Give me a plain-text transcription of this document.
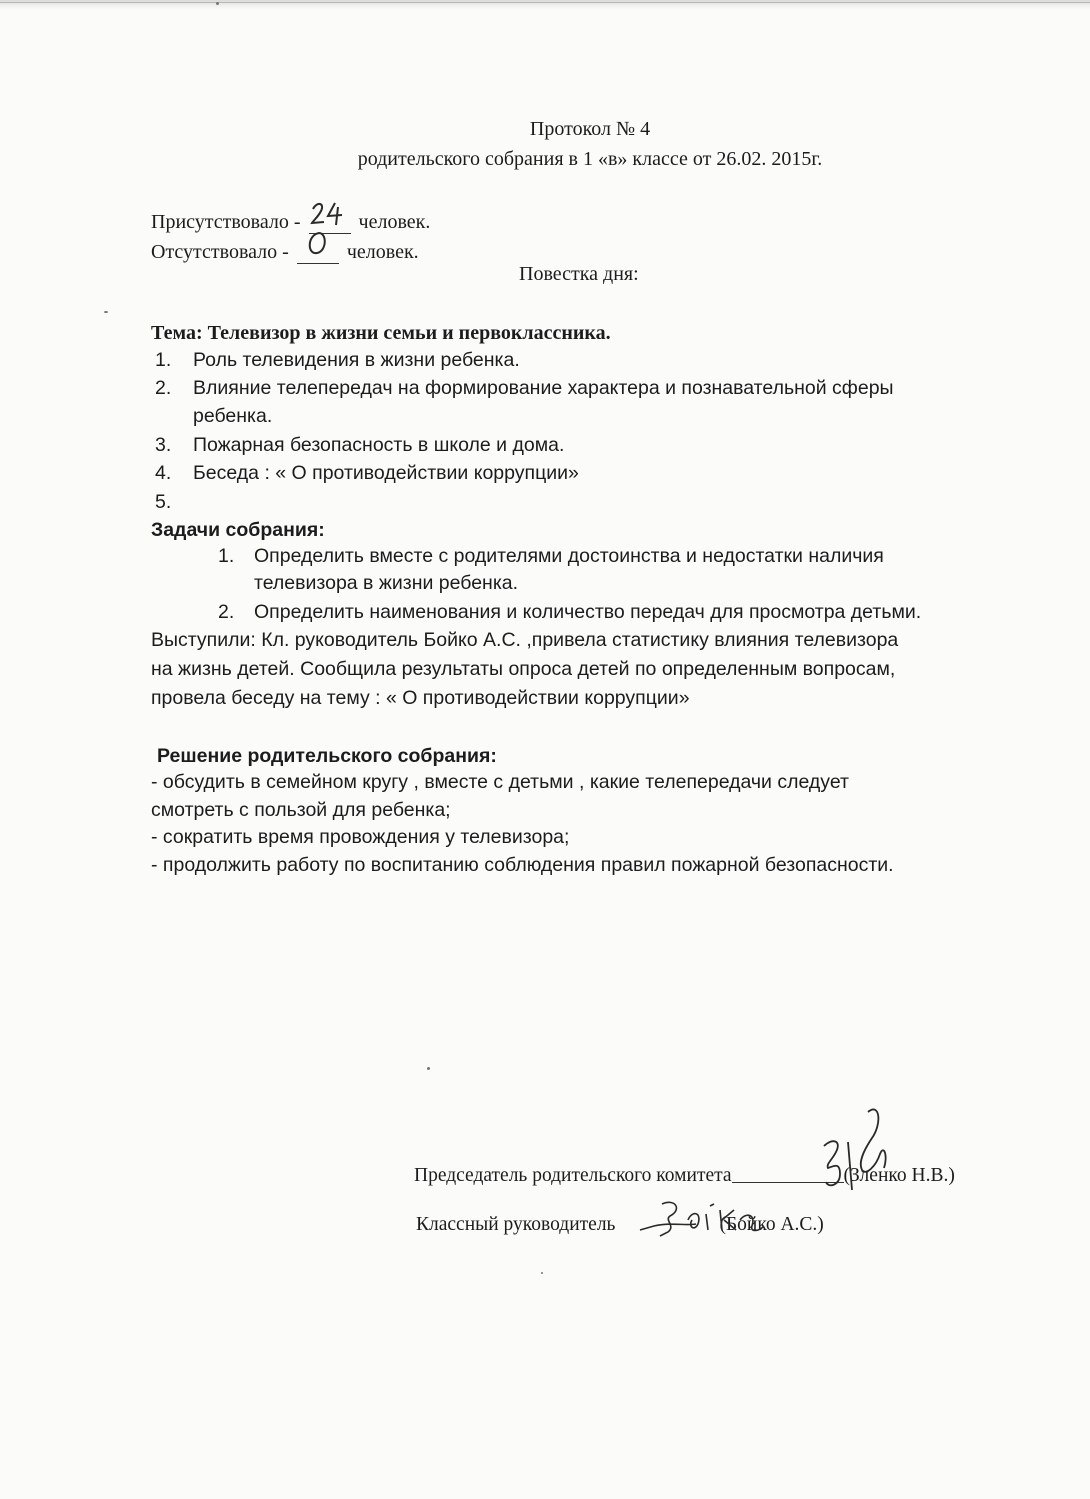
Протокол № 4
родительского собрания в 1 «в» классе от 26.02. 2015г.
Присутствовало -	человек.
Отсутствовало -	человек.
Повестка дня:
Тема: Телевизор в жизни семьи и первоклассника.
1. Роль телевидения в жизни ребенка.
2. Влияние телепередач на формирование характера и познавательной сферы
ребенка.
3. Пожарная безопасность в школе и дома.
4. Беседа : « О противодействии коррупции»
5.
Задачи собрания:
1. Определить вместе с родителями достоинства и недостатки наличия
телевизора в жизни ребенка.
2. Определить наименования и количество передач для просмотра детьми.
Выступили: Кл. руководитель Бойко А.С. ,привела статистику влияния телевизора
на жизнь детей. Сообщила результаты опроса детей по определенным вопросам,
провела беседу на тему : « О противодействии коррупции»
Решение родительского собрания:
- обсудить в семейном кругу , вместе с детьми , какие телепередачи следует
смотреть с пользой для ребенка;
- сократить время провождения у телевизора;
- продолжить работу по воспитанию соблюдения правил пожарной безопасности.
Председатель родительского комитета	(Зленко Н.В.)
Классный руководитель	(Бойко А.С.)
